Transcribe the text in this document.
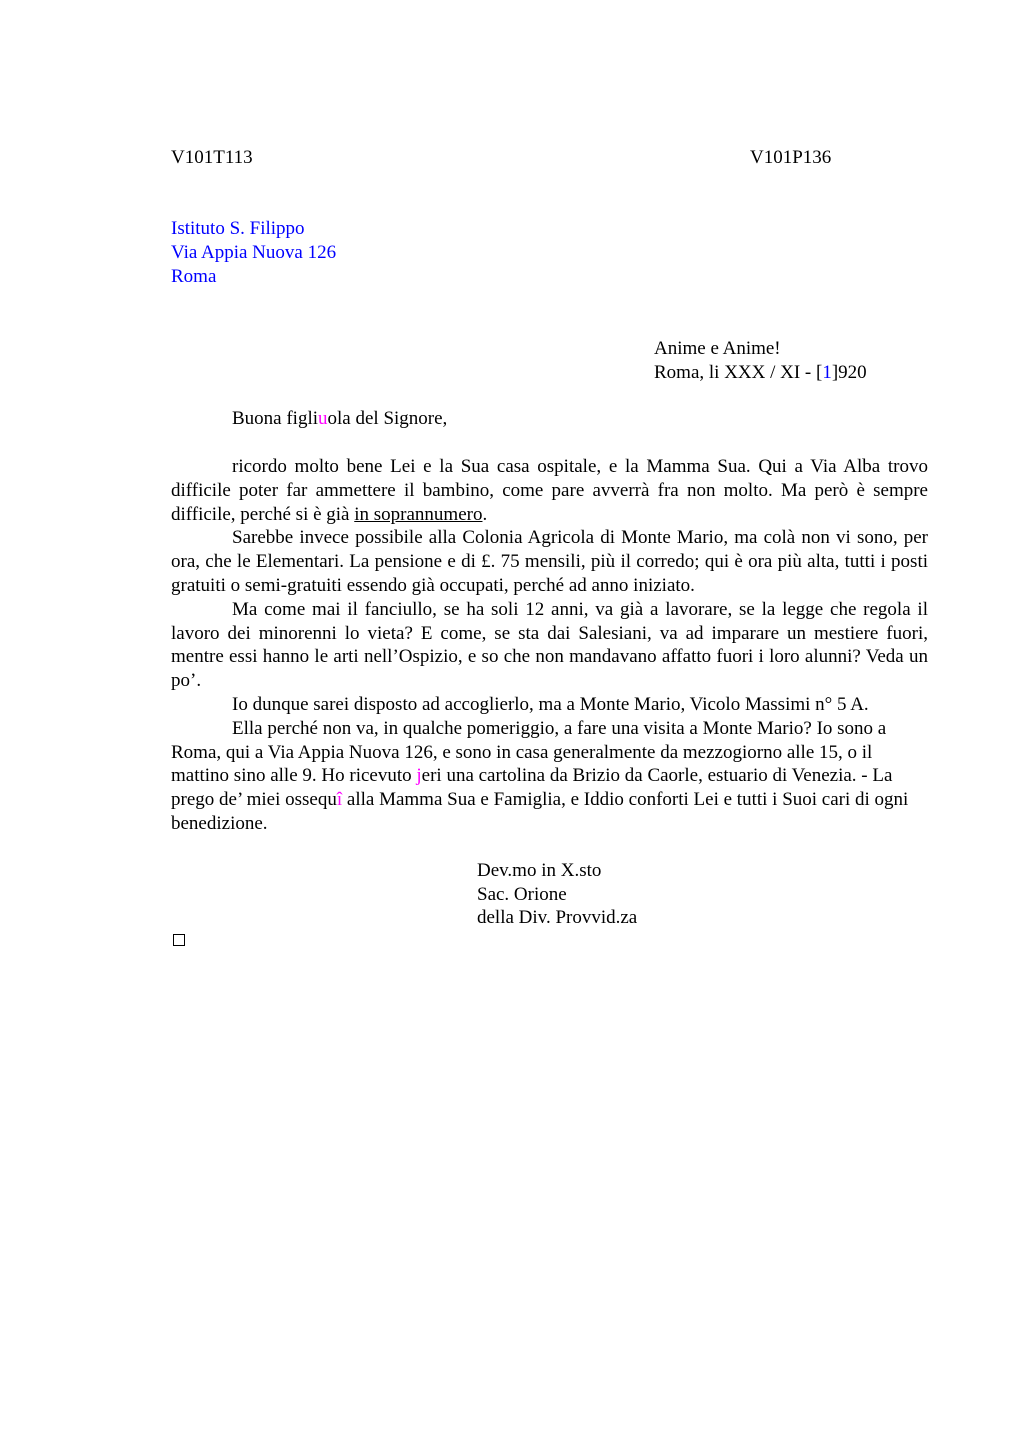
V101T113	V101P136
Istituto S. Filippo
Via Appia Nuova 126
Roma
Anime e Anime!
Roma, li XXX / XI - [1]920
Buona figliuola del Signore,

ricordo molto bene Lei e la Sua casa ospitale, e la Mamma Sua. Qui a Via Alba trovo difficile poter far ammettere il bambino, come pare avverrà fra non molto. Ma però è sempre difficile, perché si è già in soprannumero.

Sarebbe invece possibile alla Colonia Agricola di Monte Mario, ma colà non vi sono, per ora, che le Elementari. La pensione e di £. 75 mensili, più il corredo; qui è ora più alta, tutti i posti gratuiti o semi-gratuiti essendo già occupati, perché ad anno iniziato.

Ma come mai il fanciullo, se ha soli 12 anni, va già a lavorare, se la legge che regola il lavoro dei minorenni lo vieta? E come, se sta dai Salesiani, va ad imparare un mestiere fuori, mentre essi hanno le arti nell’Ospizio, e so che non mandavano affatto fuori i loro alunni? Veda un po’.

Io dunque sarei disposto ad accoglierlo, ma a Monte Mario, Vicolo Massimi n° 5 A.

Ella perché non va, in qualche pomeriggio, a fare una visita a Monte Mario? Io sono a Roma, qui a Via Appia Nuova 126, e sono in casa generalmente da mezzogiorno alle 15, o il mattino sino alle 9. Ho ricevuto jeri una cartolina da Brizio da Caorle, estuario di Venezia. - La prego de’ miei ossequî alla Mamma Sua e Famiglia, e Iddio conforti Lei e tutti i Suoi cari di ogni benedizione.

Dev.mo in X.sto
Sac. Orione
della Div. Provvid.za
